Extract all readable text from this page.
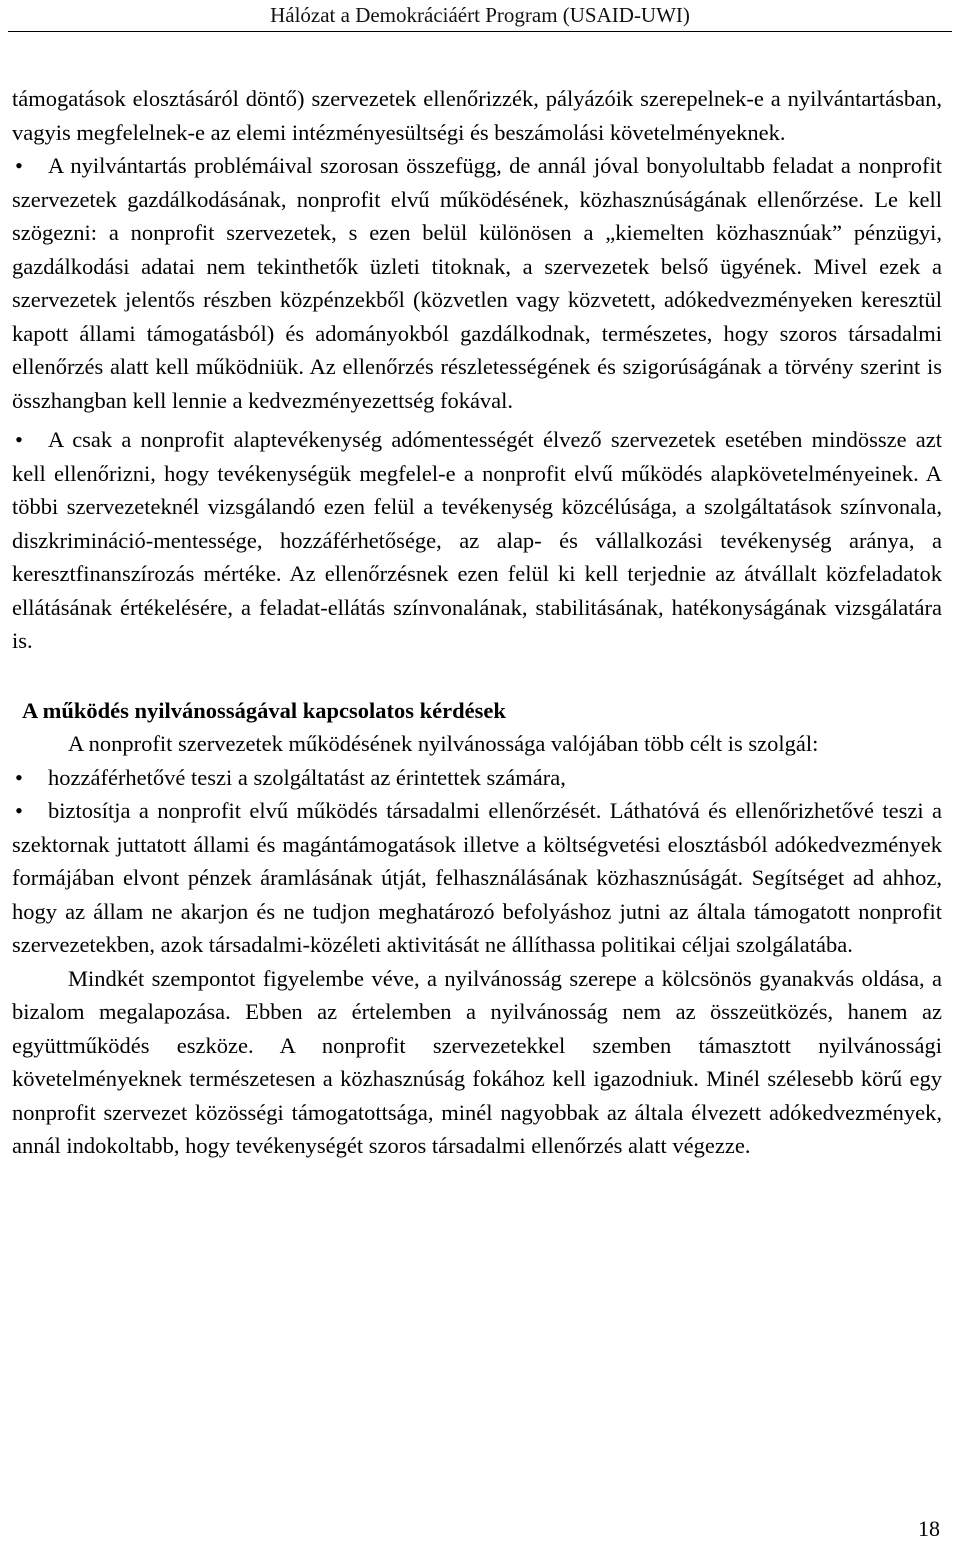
Hálózat a Demokráciáért Program (USAID-UWI)

támogatások elosztásáról döntő) szervezetek ellenőrizzék, pályázóik szerepelnek-e a nyilvántartásban, vagyis megfelelnek-e az elemi intézményesültségi és beszámolási követelményeknek.

•	A nyilvántartás problémáival szorosan összefügg, de annál jóval bonyolultabb feladat a nonprofit szervezetek gazdálkodásának, nonprofit elvű működésének, közhasznúságának ellenőrzése. Le kell szögezni: a nonprofit szervezetek, s ezen belül különösen a „kiemelten közhasznúak” pénzügyi, gazdálkodási adatai nem tekinthetők üzleti titoknak, a szervezetek belső ügyének. Mivel ezek a szervezetek jelentős részben közpénzekből (közvetlen vagy közvetett, adókedvezményeken keresztül kapott állami támogatásból) és adományokból gazdálkodnak, természetes, hogy szoros társadalmi ellenőrzés alatt kell működniük. Az ellenőrzés részletességének és szigorúságának a törvény szerint is összhangban kell lennie a kedvezményezettség fokával.

•	A csak a nonprofit alaptevékenység adómentességét élvező szervezetek esetében mindössze azt kell ellenőrizni, hogy tevékenységük megfelel-e a nonprofit elvű működés alapkövetelményeinek. A többi szervezeteknél vizsgálandó ezen felül a tevékenység közcélúsága, a szolgáltatások színvonala, diszkrimináció-mentessége, hozzáférhetősége, az alap- és vállalkozási tevékenység aránya, a keresztfinanszírozás mértéke. Az ellenőrzésnek ezen felül ki kell terjednie az átvállalt közfeladatok ellátásának értékelésére, a feladat-ellátás színvonalának, stabilitásának, hatékonyságának vizsgálatára is.

A működés nyilvánosságával kapcsolatos kérdések

A nonprofit szervezetek működésének nyilvánossága valójában több célt is szolgál:

•	hozzáférhetővé teszi a szolgáltatást az érintettek számára,

•	biztosítja a nonprofit elvű működés társadalmi ellenőrzését. Láthatóvá és ellenőrizhetővé teszi a szektornak juttatott állami és magántámogatások illetve a költségvetési elosztásból adókedvezmények formájában elvont pénzek áramlásának útját, felhasználásának közhasznúságát. Segítséget ad ahhoz, hogy az állam ne akarjon és ne tudjon meghatározó befolyáshoz jutni az általa támogatott nonprofit szervezetekben, azok társadalmi-közéleti aktivitását ne állíthassa politikai céljai szolgálatába.

Mindkét szempontot figyelembe véve, a nyilvánosság szerepe a kölcsönös gyanakvás oldása, a bizalom megalapozása. Ebben az értelemben a nyilvánosság nem az összeütközés, hanem az együttműködés eszköze. A nonprofit szervezetekkel szemben támasztott nyilvánossági követelményeknek természetesen a közhasznúság fokához kell igazodniuk. Minél szélesebb körű egy nonprofit szervezet közösségi támogatottsága, minél nagyobbak az általa élvezett adókedvezmények, annál indokoltabb, hogy tevékenységét szoros társadalmi ellenőrzés alatt végezze.

18
